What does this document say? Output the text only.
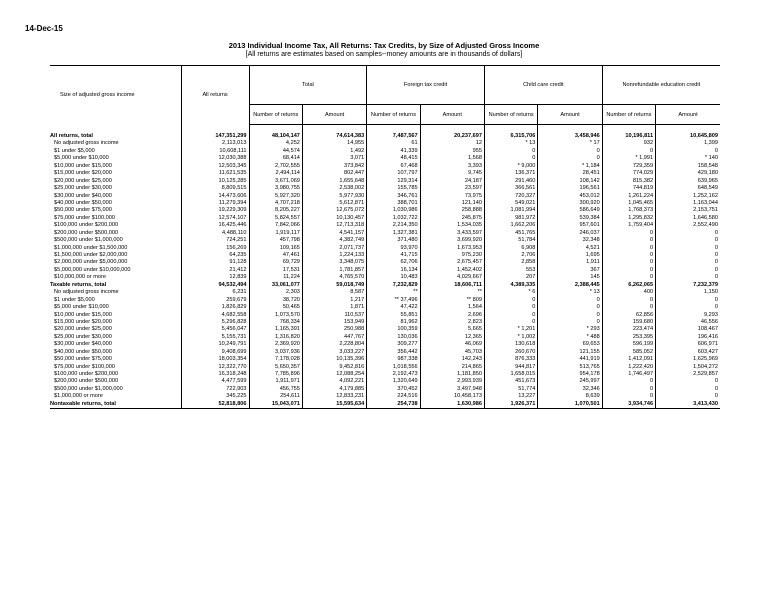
14-Dec-15
2013 Individual Income Tax, All Returns: Tax Credits, by Size of Adjusted Gross Income
[All returns are estimates based on samples--money amounts are in thousands of dollars]
Size of adjusted gross income	All returns	Total		Foreign tax credit		Child care credit		Nonrefundable education credit	
		Number of returns	Amount	Number of returns	Amount	Number of returns	Amount	Number of returns	Amount

All returns, total	147,351,299	48,104,147	74,614,383	7,487,567	20,237,697	6,315,706	3,458,946	10,196,811	10,645,809
No adjusted gross income	2,113,013	4,252	14,955	61	12	* 13	* 17	932	1,399
$1 under $5,000	10,608,111	44,574	1,492	41,339	955	0	0	0	0
$5,000 under $10,000	12,030,388	68,414	3,071	48,415	1,568	0	0	* 1,991	* 140
$10,000 under $15,000	12,503,345	2,702,555	373,842	67,468	3,393	* 9,000	* 1,184	729,359	158,548
$15,000 under $20,000	11,621,535	2,494,114	802,447	107,797	9,745	136,371	28,451	774,029	429,180
$20,000 under $25,000	10,125,285	3,671,069	1,655,648	129,314	24,187	291,460	108,142	815,382	639,965
$25,000 under $30,000	8,809,515	3,980,755	2,538,002	155,785	23,597	366,561	196,561	744,819	648,549
$30,000 under $40,000	14,473,606	5,927,320	5,977,930	346,761	73,975	720,327	453,012	1,261,224	1,252,162
$40,000 under $50,000	11,279,394	4,707,218	5,612,871	388,701	121,140	549,021	300,920	1,045,465	1,163,044
$50,000 under $75,000	19,229,309	8,205,227	12,675,072	1,030,986	258,888	1,081,994	586,649	1,768,373	2,153,751
$75,000 under $100,000	12,574,107	5,824,557	10,130,457	1,032,722	245,875	981,972	539,384	1,295,832	1,646,580
$100,000 under $200,000	16,425,446	7,842,066	12,713,318	2,214,350	1,534,035	1,662,206	957,601	1,759,404	2,552,490
$200,000 under $500,000	4,488,110	1,919,117	4,541,157	1,327,381	3,433,597	451,765	246,037	0	0
$500,000 under $1,000,000	724,251	457,798	4,382,749	371,480	3,699,920	51,784	32,348	0	0
$1,000,000 under $1,500,000	156,269	109,165	2,071,737	93,970	1,673,953	6,908	4,521	0	0
$1,500,000 under $2,000,000	64,235	47,461	1,224,133	41,715	975,230	2,706	1,695	0	0
$2,000,000 under $5,000,000	91,128	69,729	3,348,075	62,706	2,675,457	2,858	1,911	0	0
$5,000,000 under $10,000,000	21,412	17,531	1,781,857	16,134	1,452,402	553	367	0	0
$10,000,000 or more	12,839	11,224	4,765,570	10,483	4,029,667	207	145	0	0
Taxable returns, total	94,532,494	33,061,077	59,018,749	7,232,829	18,606,711	4,389,335	2,388,445	6,262,065	7,232,379
No adjusted gross income	6,231	2,303	8,587	**	**	* 6	* 13	400	1,150
$1 under $5,000	259,679	38,720	1,217	** 37,496	** 809	0	0	0	0
$5,000 under $10,000	1,826,829	50,465	1,871	47,422	1,564	0	0	0	0
$10,000 under $15,000	4,682,558	1,073,570	110,537	55,851	2,696	0	0	62,856	9,293
$15,000 under $20,000	5,296,828	768,334	153,949	81,962	2,823	0	0	159,680	46,556
$20,000 under $25,000	5,456,047	1,165,391	250,988	100,359	5,665	* 1,201	* 293	223,474	108,467
$25,000 under $30,000	5,155,731	1,316,820	447,767	130,036	12,365	* 1,002	* 488	253,395	196,416
$30,000 under $40,000	10,249,791	2,369,920	2,228,804	309,277	46,069	130,618	69,653	596,199	606,971
$40,000 under $50,000	9,408,699	3,037,936	3,033,227	356,442	45,703	260,670	121,155	585,052	603,427
$50,000 under $75,000	18,003,354	7,178,028	10,135,396	987,338	142,243	876,333	441,919	1,412,091	1,625,969
$75,000 under $100,000	12,322,770	5,650,357	9,452,816	1,018,556	214,865	944,817	513,765	1,222,420	1,504,272
$100,000 under $200,000	16,318,248	7,785,896	12,088,254	2,192,473	1,181,850	1,658,015	954,178	1,746,497	2,529,857
$200,000 under $500,000	4,477,599	1,911,971	4,092,221	1,320,649	2,993,939	451,673	245,997	0	0
$500,000 under $1,000,000	722,903	456,755	4,179,885	370,452	3,497,948	51,774	32,346	0	0
$1,000,000 or more	345,225	254,611	12,833,231	224,516	10,458,173	13,227	8,639	0	0
Nontaxable returns, total	52,818,806	15,043,071	15,595,634	254,738	1,630,986	1,926,371	1,070,501	3,934,746	3,413,430
